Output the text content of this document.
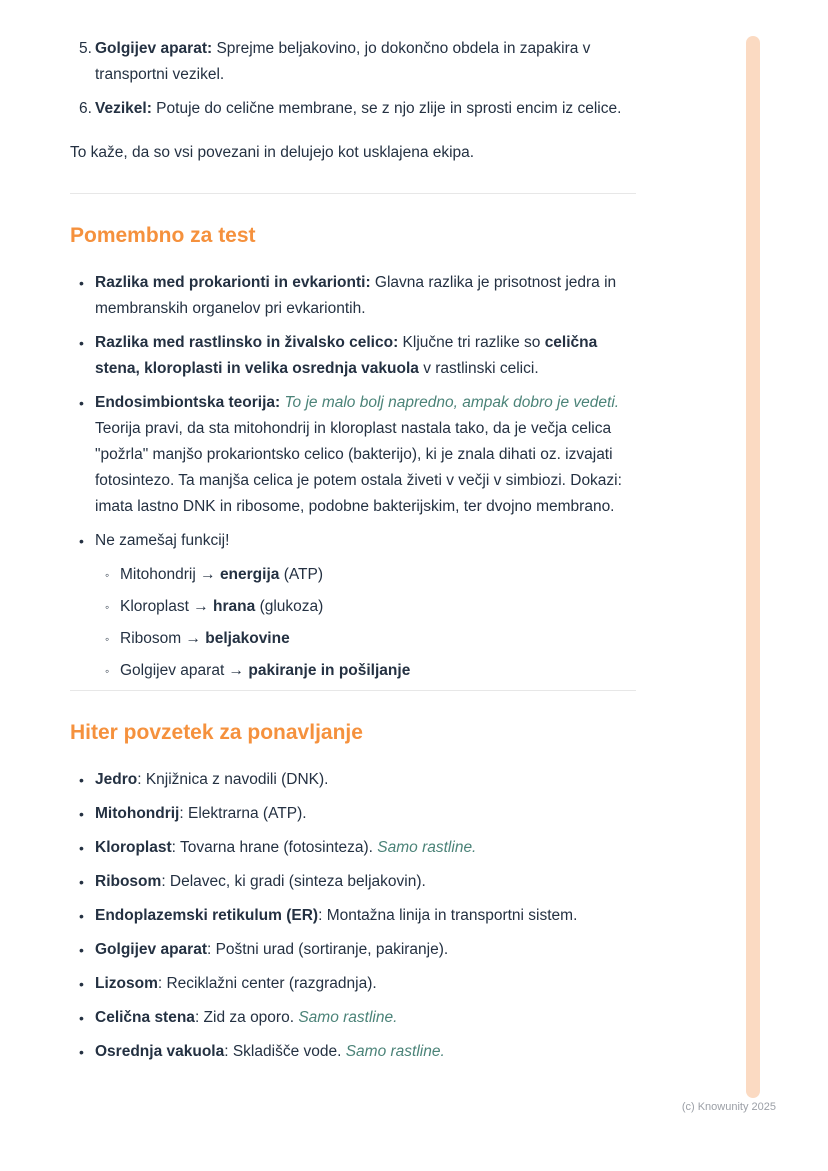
5. Golgijev aparat: Sprejme beljakovino, jo dokončno obdela in zapakira v transportni vezikel.
6. Vezikel: Potuje do celične membrane, se z njo zlije in sprosti encim iz celice.

To kaže, da so vsi povezani in delujejo kot usklajena ekipa.

Pomembno za test
• Razlika med prokarionti in evkarionti: Glavna razlika je prisotnost jedra in membranskih organelov pri evkariontih.
• Razlika med rastlinsko in živalsko celico: Ključne tri razlike so celična stena, kloroplasti in velika osrednja vakuola v rastlinski celici.
• Endosimbiontska teorija: To je malo bolj napredno, ampak dobro je vedeti. Teorija pravi, da sta mitohondrij in kloroplast nastala tako, da je večja celica "požrla" manjšo prokariontsko celico (bakterijo), ki je znala dihati oz. izvajati fotosintezo. Ta manjša celica je potem ostala živeti v večji v simbiozi. Dokazi: imata lastno DNK in ribosome, podobne bakterijskim, ter dvojno membrano.
• Ne zamešaj funkcij!
◦ Mitohondrij → energija (ATP)
◦ Kloroplast → hrana (glukoza)
◦ Ribosom → beljakovine
◦ Golgijev aparat → pakiranje in pošiljanje
Hiter povzetek za ponavljanje
• Jedro: Knjižnica z navodili (DNK).
• Mitohondrij: Elektrarna (ATP).
• Kloroplast: Tovarna hrane (fotosinteza). Samo rastline.
• Ribosom: Delavec, ki gradi (sinteza beljakovin).
• Endoplazemski retikulum (ER): Montažna linija in transportni sistem.
• Golgijev aparat: Poštni urad (sortiranje, pakiranje).
• Lizosom: Reciklažni center (razgradnja).
• Celična stena: Zid za oporo. Samo rastline.
• Osrednja vakuola: Skladišče vode. Samo rastline.
(c) Knowunity 2025
